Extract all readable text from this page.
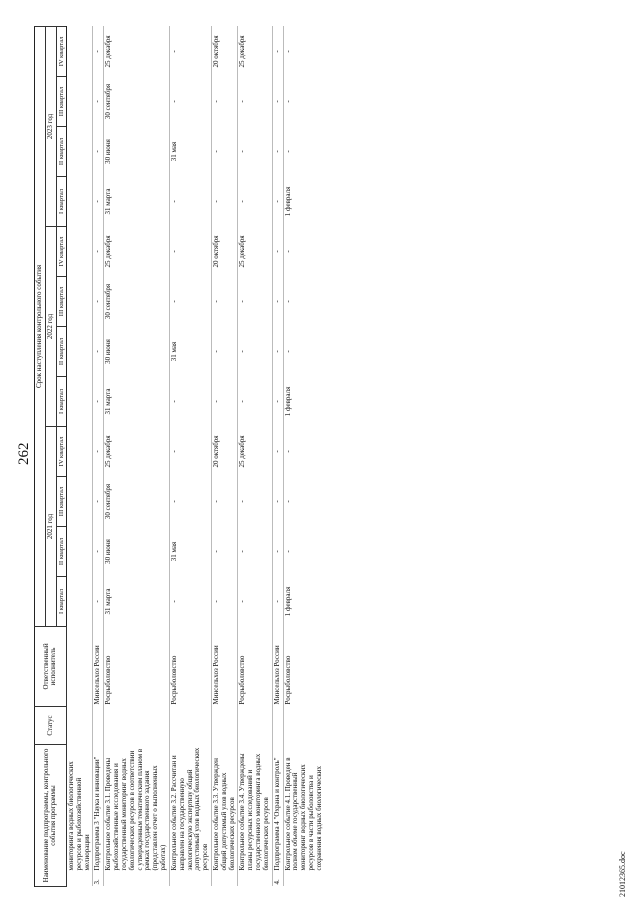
262
Наименование подпрограммы, контрольного события программы		Статус	Ответственный исполнитель	Срок наступления контрольного события											
				2021 год				2022 год				2023 год			
				I квартал	II квартал	III квартал	IV квартал	I квартал	II квартал	III квартал	IV квартал	I квартал	II квартал	III квартал	IV квартал
	мониторинга водных биологических ресурсов и рыбохозяйственной мелиорации														
3.	Подпрограмма 3 "Наука и инновации"		Минсельхоз России	-	-	-	-	-	-	-	-	-	-	-	-
	Контрольное событие 3.1. Проведены рыбохозяйственные исследования и государственный мониторинг водных биологических ресурсов в соответствии с утвержденным тематическим планом в рамках государственного задания (представлен отчет о выполненных работах)		Росрыболовство	31 марта	30 июня	30 сентября	25 декабря	31 марта	30 июня	30 сентября	25 декабря	31 марта	30 июня	30 сентября	25 декабря
	Контрольное событие 3.2. Рассчитан и направлен на государственную экологическую экспертизу общий допустимый улов водных биологических ресурсов		Росрыболовство	-	31 мая	-	-	-	31 мая	-	-	-	31 мая	-	-
	Контрольное событие 3.3. Утвержден общий допустимый улов водных биологических ресурсов		Минсельхоз России	-	-	-	20 октября	-	-	-	20 октября	-	-	-	20 октября
	Контрольное событие 3.4. Утверждены планы ресурсных исследований и государственного мониторинга водных биологических ресурсов		Росрыболовство	-	-	-	25 декабря	-	-	-	25 декабря	-	-	-	25 декабря
4.	Подпрограмма 4 "Охрана и контроль"		Минсельхоз России	-	-	-	-	-	-	-	-	-	-	-	-
	Контрольное событие 4.1. Проведен в полном объеме государственный мониторинг водных биологических ресурсов в части рыболовства и сохранения водных биологических		Росрыболовство	1 февраля	-	-	-	1 февраля	-	-	-	1 февраля	-	-	-
21012365.doc
